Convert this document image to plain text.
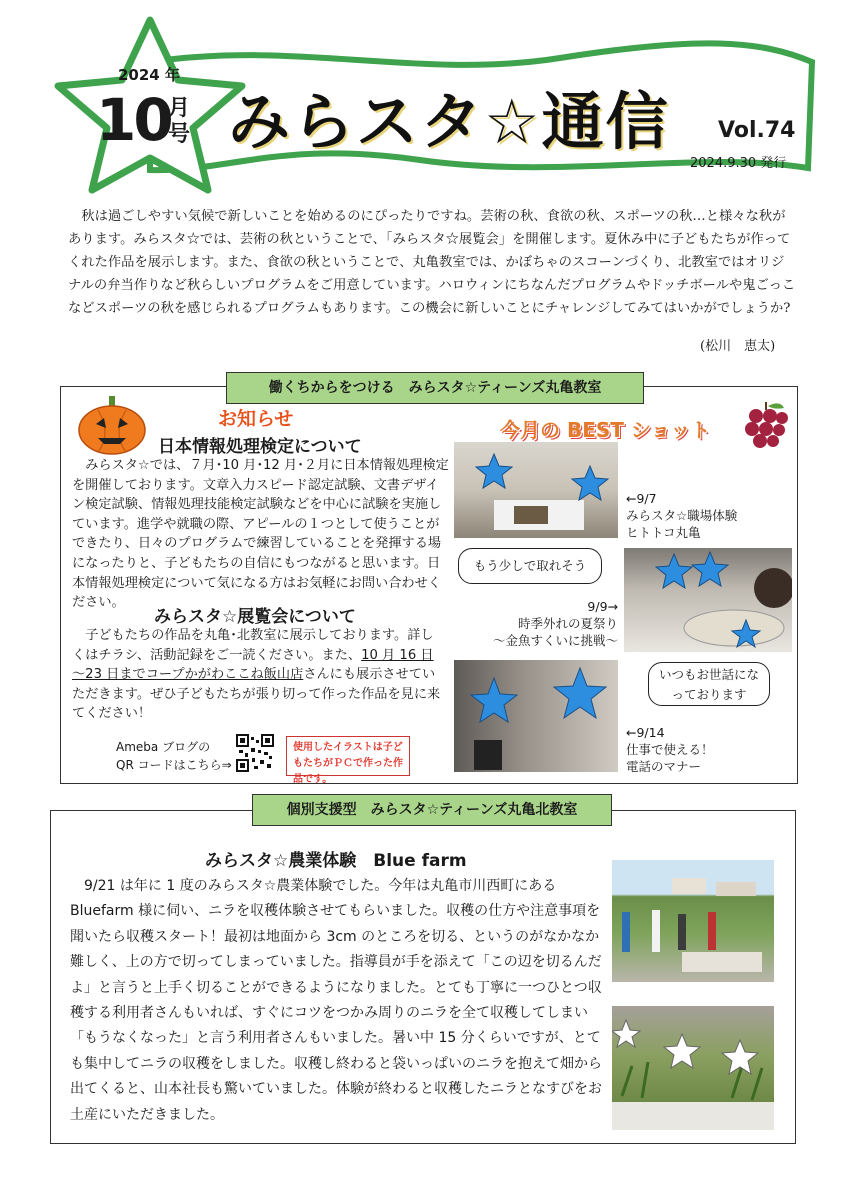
2024 年
10
月号 みらスタ☆通信 Vol.74
2024.9.30 発行
秋は過ごしやすい気候で新しいことを始めるのにぴったりですね。芸術の秋、食欲の秋、スポーツの秋…と様々な秋があります。みらスタ☆では、芸術の秋ということで、「みらスタ☆展覧会」を開催します。夏休み中に子どもたちが作ってくれた作品を展示します。また、食欲の秋ということで、丸亀教室では、かぼちゃのスコーンづくり、北教室ではオリジナルの弁当作りなど秋らしいプログラムをご用意しています。ハロウィンにちなんだプログラムやドッチボールや鬼ごっこなどスポーツの秋を感じられるプログラムもあります。この機会に新しいことにチャレンジしてみてはいかがでしょうか?
(松川　恵太)
働くちからをつける　みらスタ☆ティーンズ丸亀教室
お知らせ
日本情報処理検定について
みらスタ☆では、７月･10 月･12 月･２月に日本情報処理検定を開催しております。文章入力スピード認定試験、文書デザイン検定試験、情報処理技能検定試験などを中心に試験を実施しています。進学や就職の際、アピールの１つとして使うことができたり、日々のプログラムで練習していることを発揮する場になったりと、子どもたちの自信にもつながると思います。日本情報処理検定について気になる方はお気軽にお問い合わせください。
みらスタ☆展覧会について
子どもたちの作品を丸亀･北教室に展示しております。詳しくはチラシ、活動記録をご一読ください。また、10 月 16 日～23 日までコープかがわここね飯山店さんにも展示させていただきます。ぜひ子どもたちが張り切って作った作品を見に来てください！
Ameba ブログの
QR コードはこちら⇒
使用したイラストは子どもたちがＰＣで作った作品です。
今月の BEST ショット
←9/7
みらスタ☆職場体験
ヒトトコ丸亀
もう少しで取れそう
9/9→
時季外れの夏祭り
～金魚すくいに挑戦～
いつもお世話になっております
←9/14
仕事で使える！
電話のマナー
個別支援型　みらスタ☆ティーンズ丸亀北教室
みらスタ☆農業体験　Blue farm
9/21 は年に 1 度のみらスタ☆農業体験でした。今年は丸亀市川西町にある Bluefarm 様に伺い、ニラを収穫体験させてもらいました。収穫の仕方や注意事項を聞いたら収穫スタート！最初は地面から 3cm のところを切る、というのがなかなか難しく、上の方で切ってしまっていました。指導員が手を添えて「この辺を切るんだよ」と言うと上手く切ることができるようになりました。とても丁寧に一つひとつ収穫する利用者さんもいれば、すぐにコツをつかみ周りのニラを全て収穫してしまい「もうなくなった」と言う利用者さんもいました。暑い中 15 分くらいですが、とても集中してニラの収穫をしました。収穫し終わると袋いっぱいのニラを抱えて畑から出てくると、山本社長も驚いていました。体験が終わると収穫したニラとなすびをお土産にいただきました。
